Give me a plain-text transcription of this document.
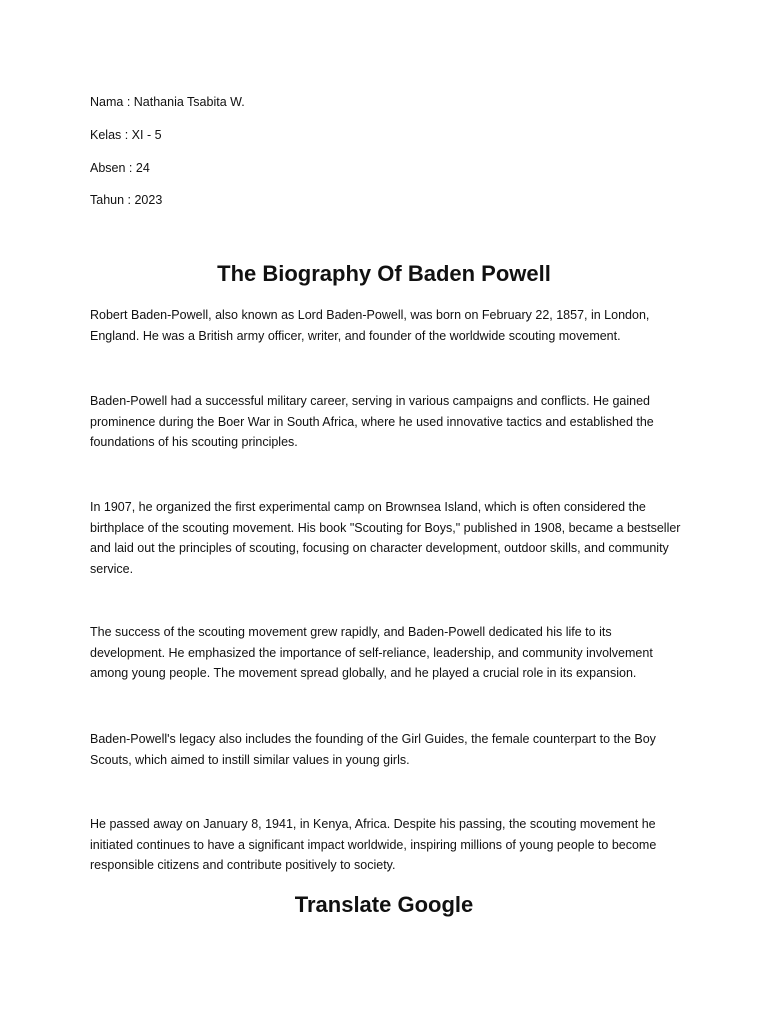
Nama : Nathania Tsabita W.
Kelas : XI - 5
Absen : 24
Tahun : 2023
The Biography Of Baden Powell

Robert Baden-Powell, also known as Lord Baden-Powell, was born on February 22, 1857, in London, England. He was a British army officer, writer, and founder of the worldwide scouting movement.

Baden-Powell had a successful military career, serving in various campaigns and conflicts. He gained prominence during the Boer War in South Africa, where he used innovative tactics and established the foundations of his scouting principles.

In 1907, he organized the first experimental camp on Brownsea Island, which is often considered the birthplace of the scouting movement. His book "Scouting for Boys," published in 1908, became a bestseller and laid out the principles of scouting, focusing on character development, outdoor skills, and community service.

The success of the scouting movement grew rapidly, and Baden-Powell dedicated his life to its development. He emphasized the importance of self-reliance, leadership, and community involvement among young people. The movement spread globally, and he played a crucial role in its expansion.

Baden-Powell's legacy also includes the founding of the Girl Guides, the female counterpart to the Boy Scouts, which aimed to instill similar values in young girls.

He passed away on January 8, 1941, in Kenya, Africa. Despite his passing, the scouting movement he initiated continues to have a significant impact worldwide, inspiring millions of young people to become responsible citizens and contribute positively to society.

Translate Google
